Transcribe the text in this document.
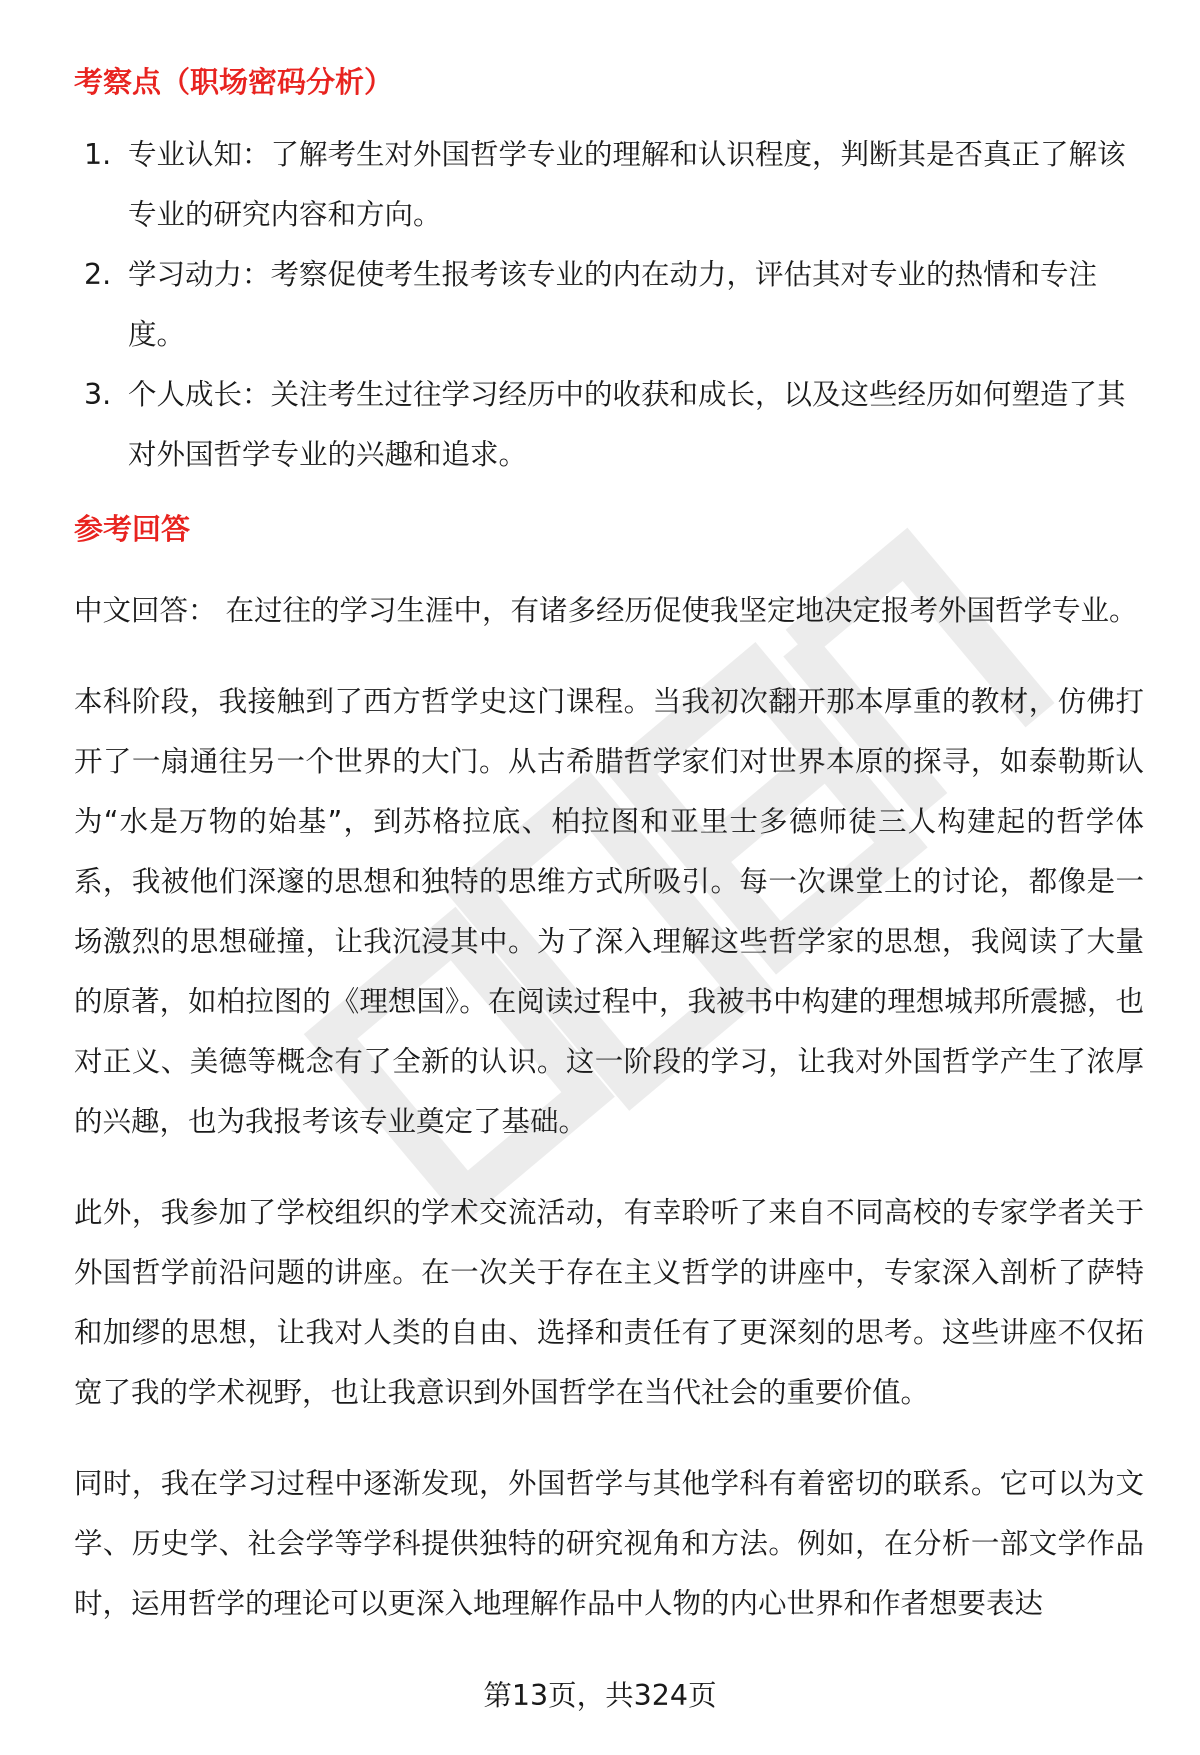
考察点（职场密码分析）
1. 专业认知：了解考生对外国哲学专业的理解和认识程度，判断其是否真正了解该专业的研究内容和方向。
2. 学习动力：考察促使考生报考该专业的内在动力，评估其对专业的热情和专注度。
3. 个人成长：关注考生过往学习经历中的收获和成长，以及这些经历如何塑造了其对外国哲学专业的兴趣和追求。
参考回答

中文回答： 在过往的学习生涯中，有诸多经历促使我坚定地决定报考外国哲学专业。

本科阶段，我接触到了西方哲学史这门课程。当我初次翻开那本厚重的教材，仿佛打开了一扇通往另一个世界的大门。从古希腊哲学家们对世界本原的探寻，如泰勒斯认为“水是万物的始基”，到苏格拉底、柏拉图和亚里士多德师徒三人构建起的哲学体系，我被他们深邃的思想和独特的思维方式所吸引。每一次课堂上的讨论，都像是一场激烈的思想碰撞，让我沉浸其中。为了深入理解这些哲学家的思想，我阅读了大量的原著，如柏拉图的《理想国》。在阅读过程中，我被书中构建的理想城邦所震撼，也对正义、美德等概念有了全新的认识。这一阶段的学习，让我对外国哲学产生了浓厚的兴趣，也为我报考该专业奠定了基础。

此外，我参加了学校组织的学术交流活动，有幸聆听了来自不同高校的专家学者关于外国哲学前沿问题的讲座。在一次关于存在主义哲学的讲座中，专家深入剖析了萨特和加缪的思想，让我对人类的自由、选择和责任有了更深刻的思考。这些讲座不仅拓宽了我的学术视野，也让我意识到外国哲学在当代社会的重要价值。

同时，我在学习过程中逐渐发现，外国哲学与其他学科有着密切的联系。它可以为文学、历史学、社会学等学科提供独特的研究视角和方法。例如，在分析一部文学作品时，运用哲学的理论可以更深入地理解作品中人物的内心世界和作者想要表达

第13页，共324页
